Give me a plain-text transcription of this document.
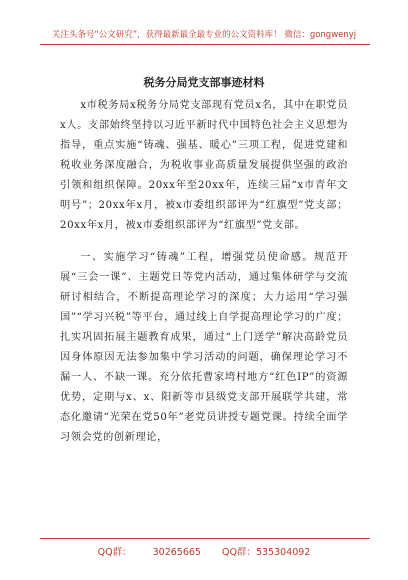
关注头条号“公文研究”，获得最新最全最专业的公文资料库！ 微信：gongwenyj
税务分局党支部事迹材料

x市税务局x税务分局党支部现有党员x名，其中在职党员x人。支部始终坚持以习近平新时代中国特色社会主义思想为指导，重点实施“铸魂、强基、暖心”三项工程，促进党建和税收业务深度融合，为税收事业高质量发展提供坚强的政治引领和组织保障。20xx年至20xx年，连续三届“x市青年文明号”；20xx年x月，被x市委组织部评为“红旗型”党支部；20xx年x月，被x市委组织部评为“红旗型”党支部。

一、实施学习“铸魂”工程，增强党员使命感。规范开展“三会一课”、主题党日等党内活动，通过集体研学与交流研讨相结合，不断提高理论学习的深度；大力运用“学习强国”“学习兴税”等平台，通过线上自学提高理论学习的广度；扎实巩固拓展主题教育成果，通过“上门送学”解决高龄党员因身体原因无法参加集中学习活动的问题，确保理论学习不漏一人、不缺一课。充分依托曹家塆村地方“红色IP”的资源优势，定期与x、x、阳新等市县级党支部开展联学共建，常态化邀请“光荣在党50年”老党员讲授专题党课。持续全面学习领会党的创新理论，

QQ群： 30265665 QQ群：535304092
